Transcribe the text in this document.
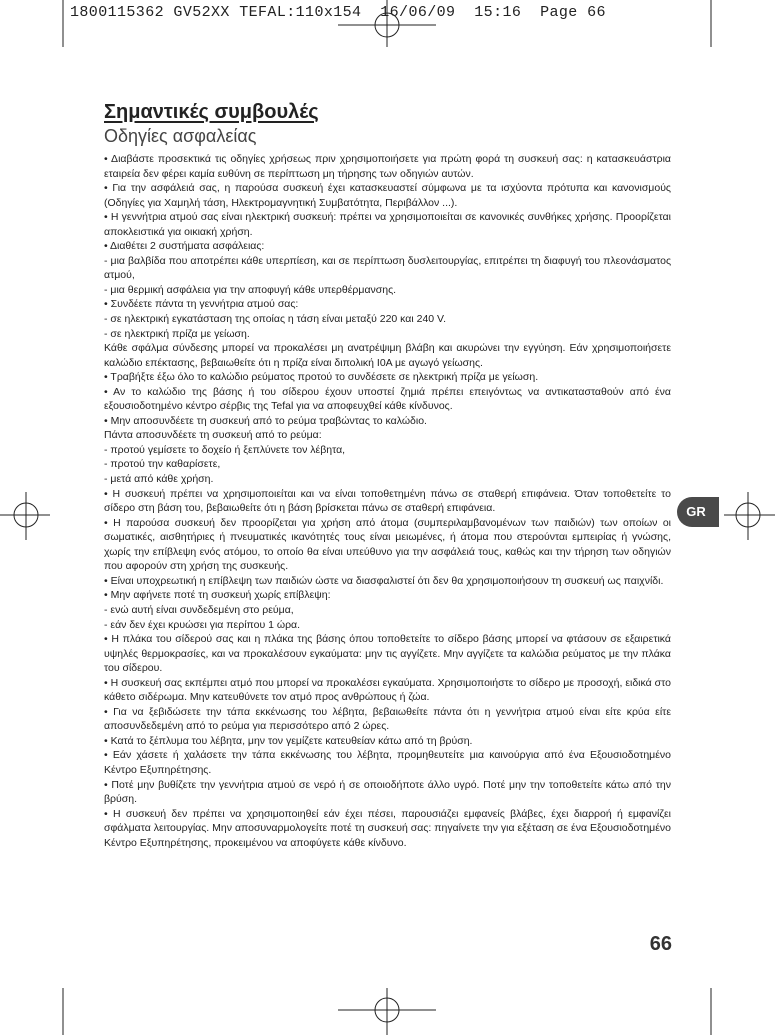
1800115362 GV52XX TEFAL:110x154  16/06/09  15:16  Page 66
Σημαντικές συμβουλές
Οδηγίες ασφαλείας

• Διαβάστε προσεκτικά τις οδηγίες χρήσεως πριν χρησιμοποιήσετε για πρώτη φορά τη συσκευή σας: η κατασκευάστρια εταιρεία δεν φέρει καμία ευθύνη σε περίπτωση μη τήρησης των οδηγιών αυτών.

• Για την ασφάλειά σας, η παρούσα συσκευή έχει κατασκευαστεί σύμφωνα με τα ισχύοντα πρότυπα και κανονισμούς (Οδηγίες για Χαμηλή τάση, Ηλεκτρομαγνητική Συμβατότητα, Περιβάλλον ...).

• Η γεννήτρια ατμού σας είναι ηλεκτρική συσκευή: πρέπει να χρησιμοποιείται σε κανονικές συνθήκες χρήσης. Προορίζεται αποκλειστικά για οικιακή χρήση.

• Διαθέτει 2 συστήματα ασφάλειας:

- μια βαλβίδα που αποτρέπει κάθε υπερπίεση, και σε περίπτωση δυσλειτουργίας, επιτρέπει τη διαφυγή του πλεονάσματος ατμού,

- μια θερμική ασφάλεια για την αποφυγή κάθε υπερθέρμανσης.

• Συνδέετε πάντα τη γεννήτρια ατμού σας:

- σε ηλεκτρική εγκατάσταση της οποίας η τάση είναι μεταξύ 220 και 240 V.

- σε ηλεκτρική πρίζα με γείωση.

Κάθε σφάλμα σύνδεσης μπορεί να προκαλέσει μη ανατρέψιμη βλάβη και ακυρώνει την εγγύηση. Εάν χρησιμοποιήσετε καλώδιο επέκτασης, βεβαιωθείτε ότι η πρίζα είναι διπολική I0A με αγωγό γείωσης.

• Τραβήξτε έξω όλο το καλώδιο ρεύματος προτού το συνδέσετε σε ηλεκτρική πρίζα με γείωση.

• Αν το καλώδιο της βάσης ή του σίδερου έχουν υποστεί ζημιά πρέπει επειγόντως να αντικατασταθούν από ένα εξουσιοδοτημένο κέντρο σέρβις της Tefal για να αποφευχθεί κάθε κίνδυνος.

• Μην αποσυνδέετε τη συσκευή από το ρεύμα τραβώντας το καλώδιο.

Πάντα αποσυνδέετε τη συσκευή από το ρεύμα:

- προτού γεμίσετε το δοχείο ή ξεπλύνετε τον λέβητα,

- προτού την καθαρίσετε,

- μετά από κάθε χρήση.

• Η συσκευή πρέπει να χρησιμοποιείται και να είναι τοποθετημένη πάνω σε σταθερή επιφάνεια. Όταν τοποθετείτε το σίδερο στη βάση του, βεβαιωθείτε ότι η βάση βρίσκεται πάνω σε σταθερή επιφάνεια.

• Η παρούσα συσκευή δεν προορίζεται για χρήση από άτομα (συμπεριλαμβανομένων των παιδιών) των οποίων οι σωματικές, αισθητήριες ή πνευματικές ικανότητές τους είναι μειωμένες, ή άτομα που στερούνται εμπειρίας ή γνώσης, χωρίς την επίβλεψη ενός ατόμου, το οποίο θα είναι υπεύθυνο για την ασφάλειά τους, καθώς και την τήρηση των οδηγιών που αφορούν στη χρήση της συσκευής.

• Είναι υποχρεωτική η επίβλεψη των παιδιών ώστε να διασφαλιστεί ότι δεν θα χρησιμοποιήσουν τη συσκευή ως παιχνίδι.

• Μην αφήνετε ποτέ τη συσκευή χωρίς επίβλεψη:

- ενώ αυτή είναι συνδεδεμένη στο ρεύμα,

- εάν δεν έχει κρυώσει για περίπου 1 ώρα.

• Η πλάκα του σίδερού σας και η πλάκα της βάσης όπου τοποθετείτε το σίδερο βάσης μπορεί να φτάσουν σε εξαιρετικά υψηλές θερμοκρασίες, και να προκαλέσουν εγκαύματα: μην τις αγγίζετε. Μην αγγίζετε τα καλώδια ρεύματος με την πλάκα του σίδερου.

• Η συσκευή σας εκπέμπει ατμό που μπορεί να προκαλέσει εγκαύματα. Χρησιμοποιήστε το σίδερο με προσοχή, ειδικά στο κάθετο σιδέρωμα. Μην κατευθύνετε τον ατμό προς ανθρώπους ή ζώα.

• Για να ξεβιδώσετε την τάπα εκκένωσης του λέβητα, βεβαιωθείτε πάντα ότι η γεννήτρια ατμού είναι είτε κρύα είτε αποσυνδεδεμένη από το ρεύμα για περισσότερο από 2 ώρες.

• Κατά το ξέπλυμα του λέβητα, μην τον γεμίζετε κατευθείαν κάτω από τη βρύση.

• Εάν χάσετε ή χαλάσετε την τάπα εκκένωσης του λέβητα, προμηθευτείτε μια καινούργια από ένα Εξουσιοδοτημένο Κέντρο Εξυπηρέτησης.

• Ποτέ μην βυθίζετε την γεννήτρια ατμού σε νερό ή σε οποιοδήποτε άλλο υγρό. Ποτέ μην την τοποθετείτε κάτω από την βρύση.

• Η συσκευή δεν πρέπει να χρησιμοποιηθεί εάν έχει πέσει, παρουσιάζει εμφανείς βλάβες, έχει διαρροή ή εμφανίζει σφάλματα λειτουργίας. Μην αποσυναρμολογείτε ποτέ τη συσκευή σας: πηγαίνετε την για εξέταση σε ένα Εξουσιοδοτημένο Κέντρο Εξυπηρέτησης, προκειμένου να αποφύγετε κάθε κίνδυνο.

GR
66
